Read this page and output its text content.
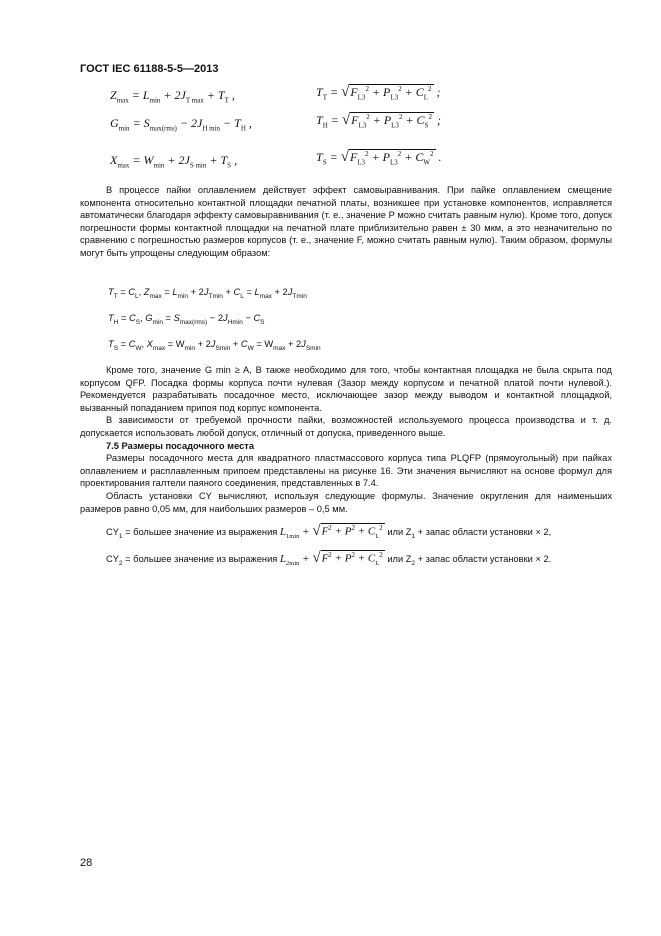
ГОСТ IEC 61188-5-5—2013
$Z_{max} = L_{min} + 2J_{T max} + T_T$ ,	$T_T = √F_{L3}^2 + P_{L3}^2 + C_L^2$ ;
$G_{min} = S_{max(rms)} - 2J_{H min} - T_H$ ,	$T_H = √F_{L3}^2 + P_{L3}^2 + C_S^2$ ;
$X_{max} = W_{min} + 2J_{S min} + T_S$ ,	$T_S = √F_{L3}^2 + P_{L3}^2 + C_W^2$ .

В процессе пайки оплавлением действует эффект самовыравнивания. При пайке оплавлением смещение компонента относительно контактной площадки печатной платы, возникшее при установке компонентов, исправляется автоматически благодаря эффекту самовыравнивания (т. е., значение P можно считать равным нулю). Кроме того, допуск погрешности формы контактной площадки на печатной плате приблизительно равен ± 30 мкм, а это незначительно по сравнению с погрешностью размеров корпусов (т. е., значение F, можно считать равным нулю). Таким образом, формулы могут быть упрощены следующим образом:

$T_T = C_L$, $Z_{max} = L_{min} + 2J_{Tmin} + C_L = L_{max} + 2J_{Tmin}$
$T_H = C_S$, $G_{min} = S_{max(rms)} - 2J_{Hmin} - C_S$
$T_S = C_W$, $X_{max} = W_{min} + 2J_{Smin} + C_W = W_{max} + 2J_{Smin}$

Кроме того, значение G min ≥ A, В также необходимо для того, чтобы контактная площадка не была скрыта под корпусом QFP. Посадка формы корпуса почти нулевая (Зазор между корпусом и печатной платой почти нулевой.). Рекомендуется разрабатывать посадочное место, исключающее зазор между выводом и контактной площадкой, вызванный попаданием припоя под корпус компонента.

В зависимости от требуемой прочности пайки, возможностей используемого процесса производства и т. д. допускается использовать любой допуск, отличный от допуска, приведенного выше.

7.5 Размеры посадочного места

Размеры посадочного места для квадратного пластмассового корпуса типа PLQFP (прямоугольный) при пайках оплавлением и расплавленным припоем представлены на рисунке 16. Эти значения вычисляют на основе формул для проектирования галтели паяного соединения, представленных в 7.4.

Область установки CY вычисляют, используя следующие формулы. Значение округления для наименьших размеров равно 0,05 мм, для наибольших размеров – 0,5 мм.

$CY_1$ = большее значение из выражения $L_{1min} + √F^2 + P^2 + C_L^2$ или $Z_1$ + запас области установки × 2,
$CY_2$ = большее значение из выражения $L_{2min} + √F^2 + P^2 + C_L^2$ или $Z_2$ + запас области установки × 2.
28
